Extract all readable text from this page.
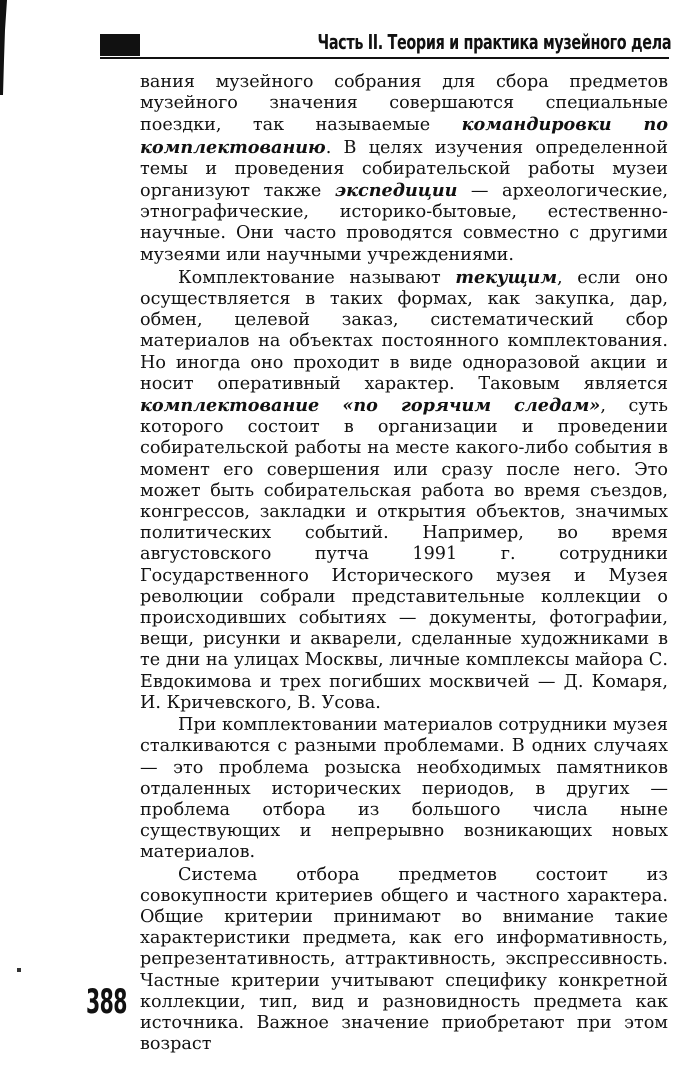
Часть II. Теория и практика музейного дела

вания музейного собрания для сбора предметов музейного значения совершаются специальные поездки, так называемые командировки по комплектованию. В целях изучения определенной темы и проведения собирательской работы музеи организуют также экспедиции — археологические, этнографические, историко-бытовые, естественно-научные. Они часто проводятся совместно с другими музеями или научными учреждениями.

Комплектование называют текущим, если оно осуществляется в таких формах, как закупка, дар, обмен, целевой заказ, систематический сбор материалов на объектах постоянного комплектования. Но иногда оно проходит в виде одноразовой акции и носит оперативный характер. Таковым является комплектование «по горячим следам», суть которого состоит в организации и проведении собирательской работы на месте какого-либо события в момент его совершения или сразу после него. Это может быть собирательская работа во время съездов, конгрессов, закладки и открытия объектов, значимых политических событий. Например, во время августовского путча 1991 г. сотрудники Государственного Исторического музея и Музея революции собрали представительные коллекции о происходивших событиях — документы, фотографии, вещи, рисунки и акварели, сделанные художниками в те дни на улицах Москвы, личные комплексы майора С. Евдокимова и трех погибших москвичей — Д. Комаря, И. Кричевского, В. Усова.

При комплектовании материалов сотрудники музея сталкиваются с разными проблемами. В одних случаях — это проблема розыска необходимых памятников отдаленных исторических периодов, в других — проблема отбора из большого числа ныне существующих и непрерывно возникающих новых материалов.

Система отбора предметов состоит из совокупности критериев общего и частного характера. Общие критерии принимают во внимание такие характеристики предмета, как его информативность, репрезентативность, аттрактивность, экспрессивность. Частные критерии учитывают специфику конкретной коллекции, тип, вид и разновидность предмета как источника. Важное значение приобретают при этом возраст

388
